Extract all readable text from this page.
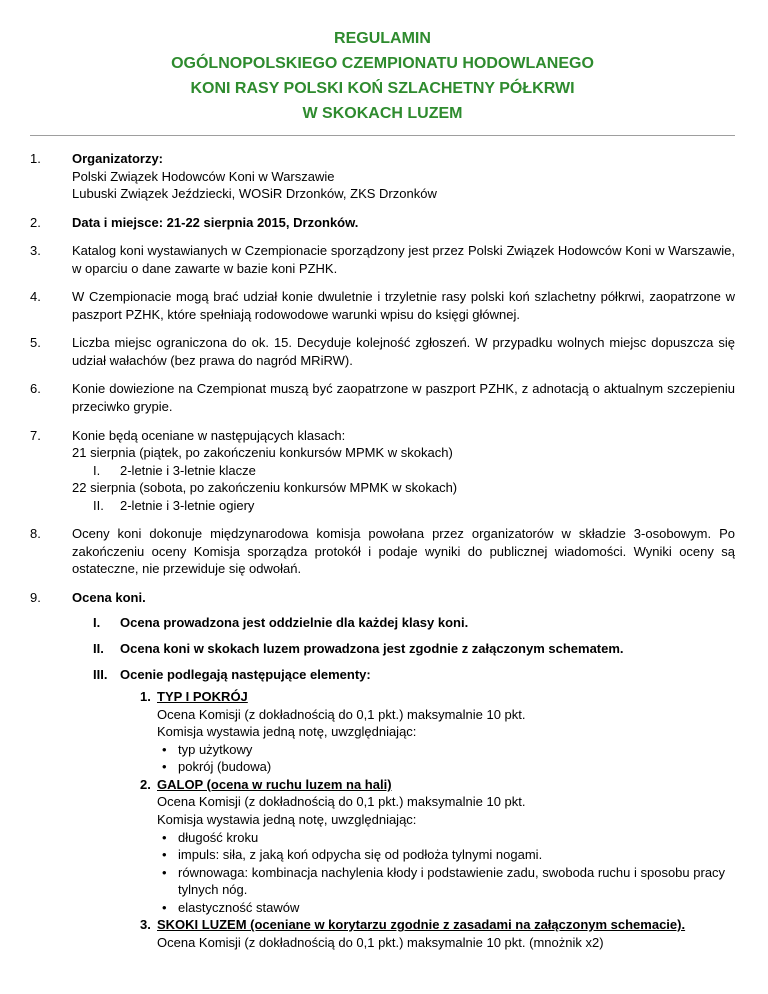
REGULAMIN
OGÓLNOPOLSKIEGO CZEMPIONATU HODOWLANEGO
KONI RASY POLSKI KOŃ SZLACHETNY PÓŁKRWI
W SKOKACH LUZEM
1.	Organizatorzy:
Polski Związek Hodowców Koni w Warszawie
Lubuski Związek Jeździecki, WOSiR Drzonków, ZKS Drzonków
2.	Data i miejsce: 21-22 sierpnia 2015, Drzonków.
3.	Katalog koni wystawianych w Czempionacie sporządzony jest przez Polski Związek Hodowców Koni w Warszawie, w oparciu o dane zawarte w bazie koni PZHK.
4.	W Czempionacie mogą brać udział konie dwuletnie i trzyletnie rasy polski koń szlachetny półkrwi, zaopatrzone w paszport PZHK, które spełniają rodowodowe warunki wpisu do księgi głównej.
5.	Liczba miejsc ograniczona do ok. 15. Decyduje kolejność zgłoszeń. W przypadku wolnych miejsc dopuszcza się udział wałachów (bez prawa do nagród MRiRW).
6.	Konie dowiezione na Czempionat muszą być zaopatrzone w paszport PZHK, z adnotacją o aktualnym szczepieniu przeciwko grypie.
7.	Konie będą oceniane w następujących klasach:
21 sierpnia (piątek, po zakończeniu konkursów MPMK w skokach)
I.	2-letnie i 3-letnie klacze
22 sierpnia (sobota, po zakończeniu konkursów MPMK w skokach)
II.	2-letnie i 3-letnie ogiery
8.	Oceny koni dokonuje międzynarodowa komisja powołana przez organizatorów w składzie 3-osobowym. Po zakończeniu oceny Komisja sporządza protokół i podaje wyniki do publicznej wiadomości. Wyniki oceny są ostateczne, nie przewiduje się odwołań.
9.	Ocena koni.
I.	Ocena prowadzona jest oddzielnie dla każdej klasy koni.
II.	Ocena koni w skokach luzem prowadzona jest zgodnie z załączonym schematem.
III. Ocenie podlegają następujące elementy:
1. TYP I POKRÓJ
Ocena Komisji (z dokładnością do 0,1 pkt.) maksymalnie 10 pkt.
Komisja wystawia jedną notę, uwzględniając:
• typ użytkowy
• pokrój (budowa)
2. GALOP (ocena w ruchu luzem na hali)
Ocena Komisji (z dokładnością do 0,1 pkt.) maksymalnie 10 pkt.
Komisja wystawia jedną notę, uwzględniając:
• długość kroku
• impuls: siła, z jaką koń odpycha się od podłoża tylnymi nogami.
• równowaga: kombinacja nachylenia kłody i podstawienie zadu, swoboda ruchu i sposobu pracy tylnych nóg.
• elastyczność stawów
3. SKOKI LUZEM (oceniane w korytarzu zgodnie z zasadami na załączonym schemacie).
Ocena Komisji (z dokładnością do 0,1 pkt.) maksymalnie 10 pkt. (mnożnik x2)
